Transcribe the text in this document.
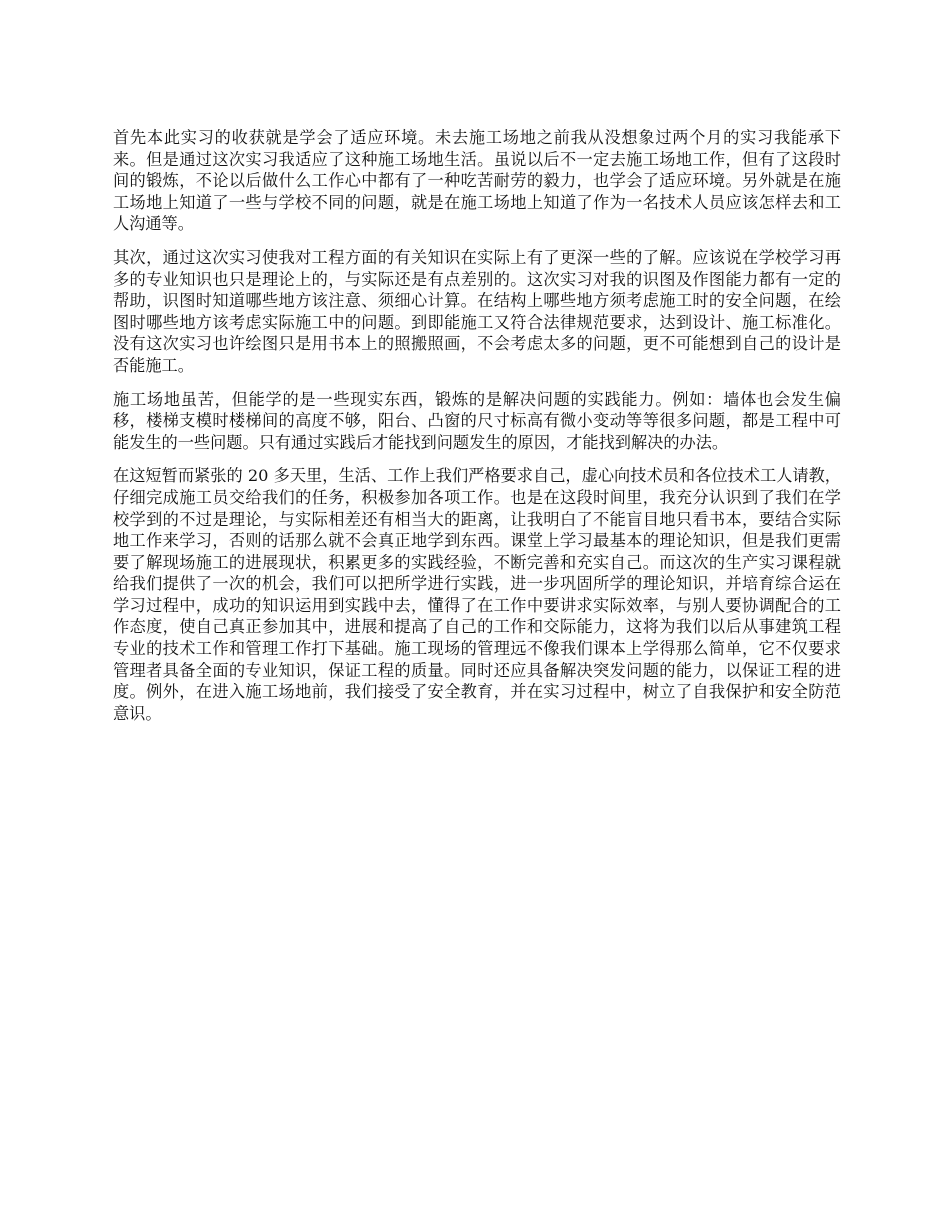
首先本此实习的收获就是学会了适应环境。未去施工场地之前我从没想象过两个月的实习我能承下来。但是通过这次实习我适应了这种施工场地生活。虽说以后不一定去施工场地工作，但有了这段时间的锻炼，不论以后做什么工作心中都有了一种吃苦耐劳的毅力，也学会了适应环境。另外就是在施工场地上知道了一些与学校不同的问题，就是在施工场地上知道了作为一名技术人员应该怎样去和工人沟通等。

其次，通过这次实习使我对工程方面的有关知识在实际上有了更深一些的了解。应该说在学校学习再多的专业知识也只是理论上的，与实际还是有点差别的。这次实习对我的识图及作图能力都有一定的帮助，识图时知道哪些地方该注意、须细心计算。在结构上哪些地方须考虑施工时的安全问题，在绘图时哪些地方该考虑实际施工中的问题。到即能施工又符合法律规范要求，达到设计、施工标准化。没有这次实习也许绘图只是用书本上的照搬照画，不会考虑太多的问题，更不可能想到自己的设计是否能施工。

施工场地虽苦，但能学的是一些现实东西，锻炼的是解决问题的实践能力。例如：墙体也会发生偏移，楼梯支模时楼梯间的高度不够，阳台、凸窗的尺寸标高有微小变动等等很多问题，都是工程中可能发生的一些问题。只有通过实践后才能找到问题发生的原因，才能找到解决的办法。

在这短暂而紧张的 20 多天里，生活、工作上我们严格要求自己，虚心向技术员和各位技术工人请教，仔细完成施工员交给我们的任务，积极参加各项工作。也是在这段时间里，我充分认识到了我们在学校学到的不过是理论，与实际相差还有相当大的距离，让我明白了不能盲目地只看书本，要结合实际地工作来学习，否则的话那么就不会真正地学到东西。课堂上学习最基本的理论知识，但是我们更需要了解现场施工的进展现状，积累更多的实践经验，不断完善和充实自己。而这次的生产实习课程就给我们提供了一次的机会，我们可以把所学进行实践，进一步巩固所学的理论知识，并培育综合运在学习过程中，成功的知识运用到实践中去，懂得了在工作中要讲求实际效率，与别人要协调配合的工作态度，使自己真正参加其中，进展和提高了自己的工作和交际能力，这将为我们以后从事建筑工程专业的技术工作和管理工作打下基础。施工现场的管理远不像我们课本上学得那么简单，它不仅要求管理者具备全面的专业知识，保证工程的质量。同时还应具备解决突发问题的能力，以保证工程的进度。例外，在进入施工场地前，我们接受了安全教育，并在实习过程中，树立了自我保护和安全防范意识。
